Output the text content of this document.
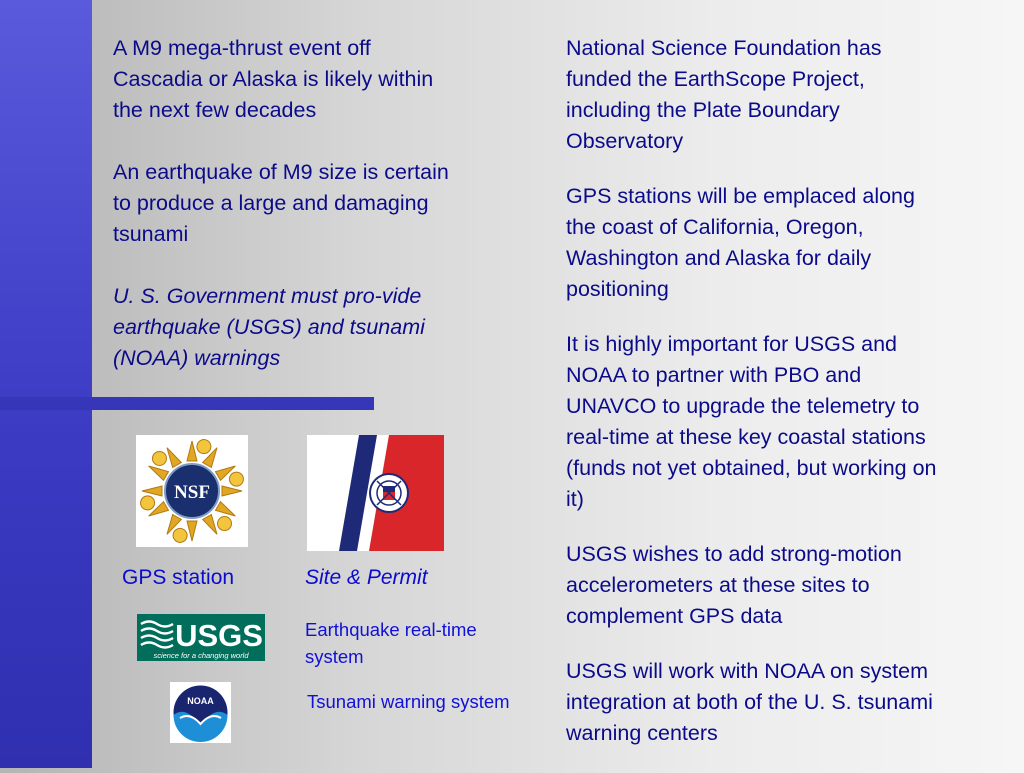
A M9 mega-thrust event off Cascadia or Alaska is likely within the next few decades

An earthquake of M9 size is certain to produce a large and damaging tsunami

U. S. Government must pro-vide earthquake (USGS) and tsunami (NOAA) warnings

National Science Foundation has funded the EarthScope Project, including the Plate Boundary Observatory

GPS stations will be emplaced along the coast of California, Oregon, Washington and Alaska for daily positioning

It is highly important for USGS and NOAA to partner with PBO and UNAVCO to upgrade the telemetry to real-time at these key coastal stations (funds not yet obtained, but working on it)

USGS wishes to add strong-motion accelerometers at these sites to complement GPS data

USGS will work with NOAA on system integration at both of the U. S. tsunami warning centers

NSF
USGS
science for a changing world
NOAA
GPS station	Site & Permit
Earthquake real-time system
Tsunami warning system
